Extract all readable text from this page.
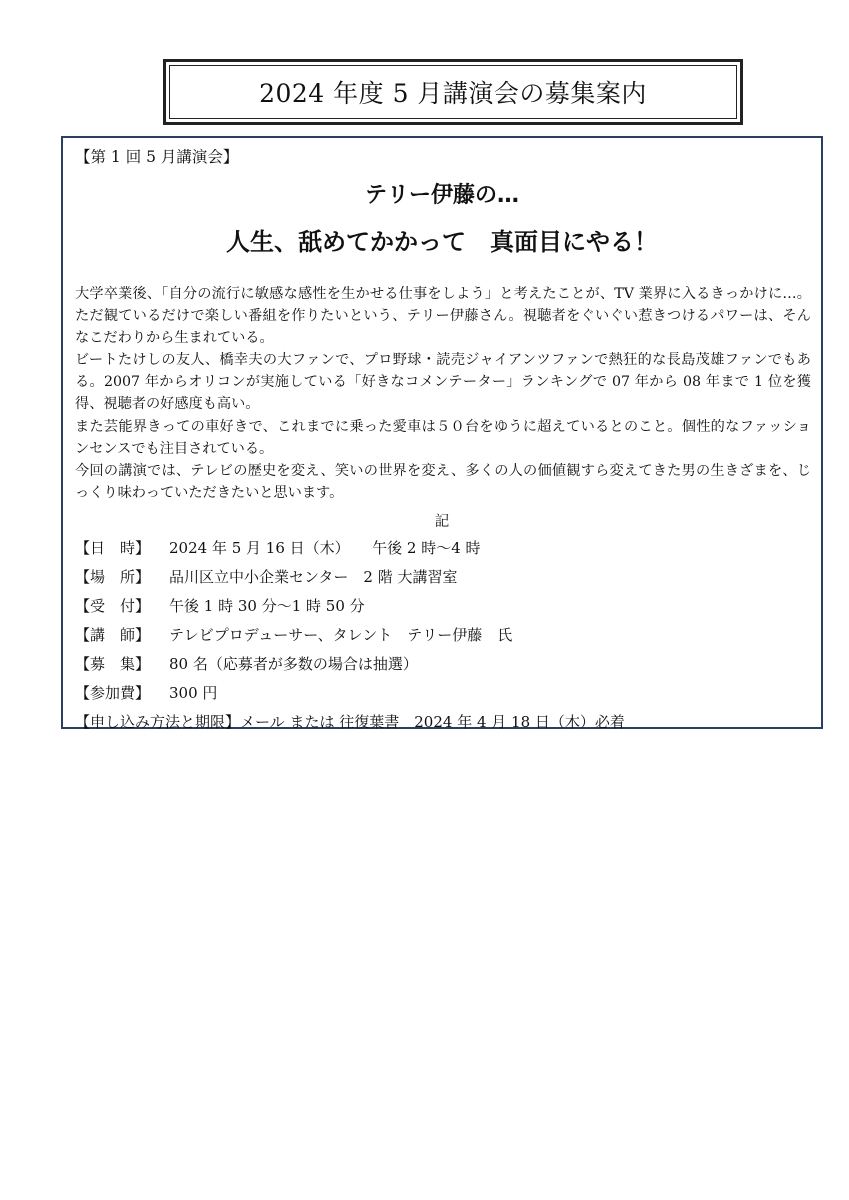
2024 年度 5 月講演会の募集案内
【第 1 回 5 月講演会】
テリー伊藤の…
人生、舐めてかかって　真面目にやる！

大学卒業後、「自分の流行に敏感な感性を生かせる仕事をしよう」と考えたことが、TV 業界に入るきっかけに…。ただ観ているだけで楽しい番組を作りたいという、テリー伊藤さん。視聴者をぐいぐい惹きつけるパワーは、そんなこだわりから生まれている。

ビートたけしの友人、橋幸夫の大ファンで、プロ野球・読売ジャイアンツファンで熱狂的な長島茂雄ファンでもある。2007 年からオリコンが実施している「好きなコメンテーター」ランキングで 07 年から 08 年まで 1 位を獲得、視聴者の好感度も高い。

また芸能界きっての車好きで、これまでに乗った愛車は５０台をゆうに超えているとのこと。個性的なファッションセンスでも注目されている。

今回の講演では、テレビの歴史を変え、笑いの世界を変え、多くの人の価値観すら変えてきた男の生きざまを、じっくり味わっていただきたいと思います。

記
【日　時】 2024 年 5 月 16 日（木）　　午後 2 時～4 時
【場　所】 品川区立中小企業センター　2 階 大講習室
【受　付】 午後 1 時 30 分～1 時 50 分
【講　師】 テレビプロデューサー、タレント　テリー伊藤　氏
【募　集】 80 名（応募者が多数の場合は抽選）
【参加費】 300 円
【申し込み方法と期限】メール または 往復葉書　2024 年 4 月 18 日（木）必着
